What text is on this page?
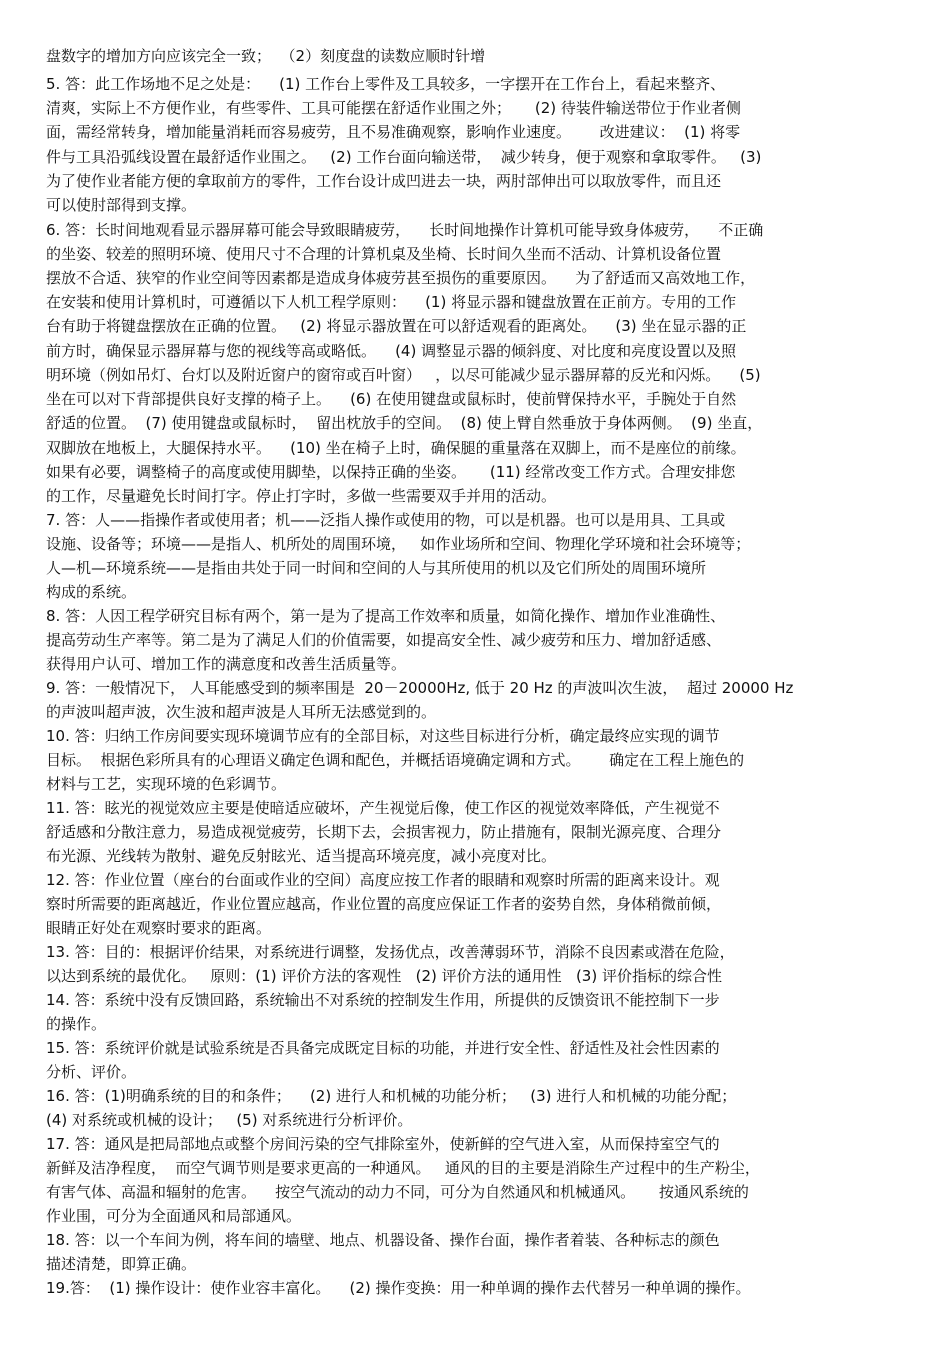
盘数字的增加方向应该完全一致；  （2）刻度盘的读数应顺时针增
5. 答：此工作场地不足之处是：    (1) 工作台上零件及工具较多，一字摆开在工作台上，看起来整齐、
清爽，实际上不方便作业，有些零件、工具可能摆在舒适作业围之外；     (2) 待装件输送带位于作业者侧
面，需经常转身，增加能量消耗而容易疲劳，且不易准确观察，影响作业速度。      改进建议：  (1) 将零
件与工具沿弧线设置在最舒适作业围之。   (2) 工作台面向输送带，  减少转身，便于观察和拿取零件。   (3)
为了使作业者能方便的拿取前方的零件，工作台设计成凹进去一块，两肘部伸出可以取放零件，而且还
可以使肘部得到支撑。
6. 答：长时间地观看显示器屏幕可能会导致眼睛疲劳，    长时间地操作计算机可能导致身体疲劳，    不正确
的坐姿、较差的照明环境、使用尺寸不合理的计算机桌及坐椅、长时间久坐而不活动、计算机设备位置
摆放不合适、狭窄的作业空间等因素都是造成身体疲劳甚至损伤的重要原因。    为了舒适而又高效地工作，
在安装和使用计算机时，可遵循以下人机工程学原则：    (1) 将显示器和键盘放置在正前方。专用的工作
台有助于将键盘摆放在正确的位置。   (2) 将显示器放置在可以舒适观看的距离处。    (3) 坐在显示器的正
前方时，确保显示器屏幕与您的视线等高或略低。    (4) 调整显示器的倾斜度、对比度和亮度设置以及照
明环境（例如吊灯、台灯以及附近窗户的窗帘或百叶窗）   ，以尽可能减少显示器屏幕的反光和闪烁。    (5)
坐在可以对下背部提供良好支撑的椅子上。    (6) 在使用键盘或鼠标时，使前臂保持水平，手腕处于自然
舒适的位置。  (7) 使用键盘或鼠标时，  留出枕放手的空间。  (8) 使上臂自然垂放于身体两侧。  (9) 坐直，
双脚放在地板上，大腿保持水平。    (10) 坐在椅子上时，确保腿的重量落在双脚上，而不是座位的前缘。
如果有必要，调整椅子的高度或使用脚垫，以保持正确的坐姿。     (11) 经常改变工作方式。合理安排您
的工作，尽量避免长时间打字。停止打字时，多做一些需要双手并用的活动。
7. 答：人——指操作者或使用者；机——泛指人操作或使用的物，可以是机器。也可以是用具、工具或
设施、设备等；环境——是指人、机所处的周围环境，   如作业场所和空间、物理化学环境和社会环境等；
人—机—环境系统——是指由共处于同一时间和空间的人与其所使用的机以及它们所处的周围环境所
构成的系统。
8. 答：人因工程学研究目标有两个，第一是为了提高工作效率和质量，如简化操作、增加作业准确性、
提高劳动生产率等。第二是为了满足人们的价值需要，如提高安全性、减少疲劳和压力、增加舒适感、
获得用户认可、增加工作的满意度和改善生活质量等。
9. 答：一般情况下， 人耳能感受到的频率围是  20－20000Hz, 低于 20 Hz 的声波叫次生波，  超过 20000 Hz
的声波叫超声波，次生波和超声波是人耳所无法感觉到的。
10. 答：归纳工作房间要实现环境调节应有的全部目标，对这些目标进行分析，确定最终应实现的调节
目标。  根据色彩所具有的心理语义确定色调和配色，并概括语境确定调和方式。      确定在工程上施色的
材料与工艺，实现环境的色彩调节。
11. 答：眩光的视觉效应主要是使暗适应破坏，产生视觉后像，使工作区的视觉效率降低，产生视觉不
舒适感和分散注意力，易造成视觉疲劳，长期下去，会损害视力，防止措施有，限制光源亮度、合理分
布光源、光线转为散射、避免反射眩光、适当提高环境亮度，减小亮度对比。
12. 答：作业位置（座台的台面或作业的空间）高度应按工作者的眼睛和观察时所需的距离来设计。观
察时所需要的距离越近，作业位置应越高，作业位置的高度应保证工作者的姿势自然，身体稍微前倾，
眼睛正好处在观察时要求的距离。
13. 答：目的：根据评价结果，对系统进行调整，发扬优点，改善薄弱环节，消除不良因素或潜在危险，
以达到系统的最优化。   原则：(1) 评价方法的客观性   (2) 评价方法的通用性   (3) 评价指标的综合性
14. 答：系统中没有反馈回路，系统输出不对系统的控制发生作用，所提供的反馈资讯不能控制下一步
的操作。
15. 答：系统评价就是试验系统是否具备完成既定目标的功能，并进行安全性、舒适性及社会性因素的
分析、评价。
16. 答：(1)明确系统的目的和条件；    (2) 进行人和机械的功能分析；   (3) 进行人和机械的功能分配；
(4) 对系统或机械的设计；   (5) 对系统进行分析评价。
17. 答：通风是把局部地点或整个房间污染的空气排除室外，使新鲜的空气进入室，从而保持室空气的
新鲜及洁净程度，  而空气调节则是要求更高的一种通风。   通风的目的主要是消除生产过程中的生产粉尘，
有害气体、高温和辐射的危害。    按空气流动的动力不同，可分为自然通风和机械通风。     按通风系统的
作业围，可分为全面通风和局部通风。
18. 答：以一个车间为例，将车间的墙壁、地点、机器设备、操作台面，操作者着装、各种标志的颜色
描述清楚，即算正确。
19.答：  (1) 操作设计：使作业容丰富化。    (2) 操作变换：用一种单调的操作去代替另一种单调的操作。
